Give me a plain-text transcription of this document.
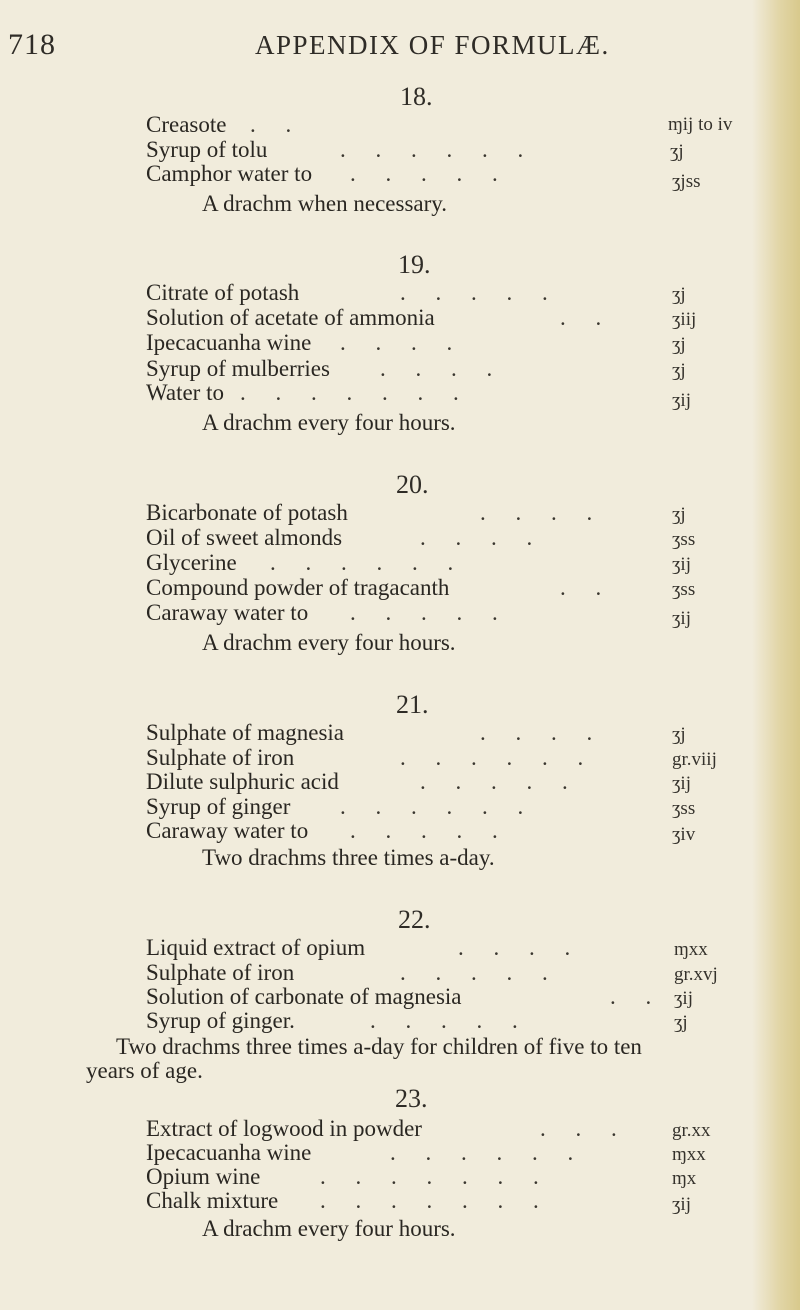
718	APPENDIX OF FORMULÆ.
18.
Creasote . .	ɱij to iv
Syrup of tolu	. . . . . .	ʒj
Camphor water to . . . . .	ʒjss
A drachm when necessary.
19.
Citrate of potash	. . . . .	ʒj
Solution of acetate of ammonia	. .	ʒiij
Ipecacuanha wine . . . .	ʒj
Syrup of mulberries . . . .	ʒj
Water to . . . . . . .	ʒij
A drachm every four hours.
20.
Bicarbonate of potash	. . . .	ʒj
Oil of sweet almonds	. . . .	ʒss
Glycerine . . . . . .	ʒij
Compound powder of tragacanth	. .	ʒss
Caraway water to . . . . .	ʒij
A drachm every four hours.
21.
Sulphate of magnesia	. . . .	ʒj
Sulphate of iron	. . . . . .	gr.viij
Dilute sulphuric acid	. . . . .	ʒij
Syrup of ginger . . . . . .	ʒss
Caraway water to . . . . .	ʒiv
Two drachms three times a-day.
22.
Liquid extract of opium	. . . .	ɱxx
Sulphate of iron	. . . . .	gr.xvj
Solution of carbonate of magnesia	. . ʒij
Syrup of ginger.	. . . . .	ʒj
Two drachms three times a-day for children of five to ten
years of age.
23.
Extract of logwood in powder	. . . gr.xx
Ipecacuanha wine	. . . . . .	ɱxx
Opium wine	. . . . . . .	ɱx
Chalk mixture . . . . . . .	ʒij
A drachm every four hours.
